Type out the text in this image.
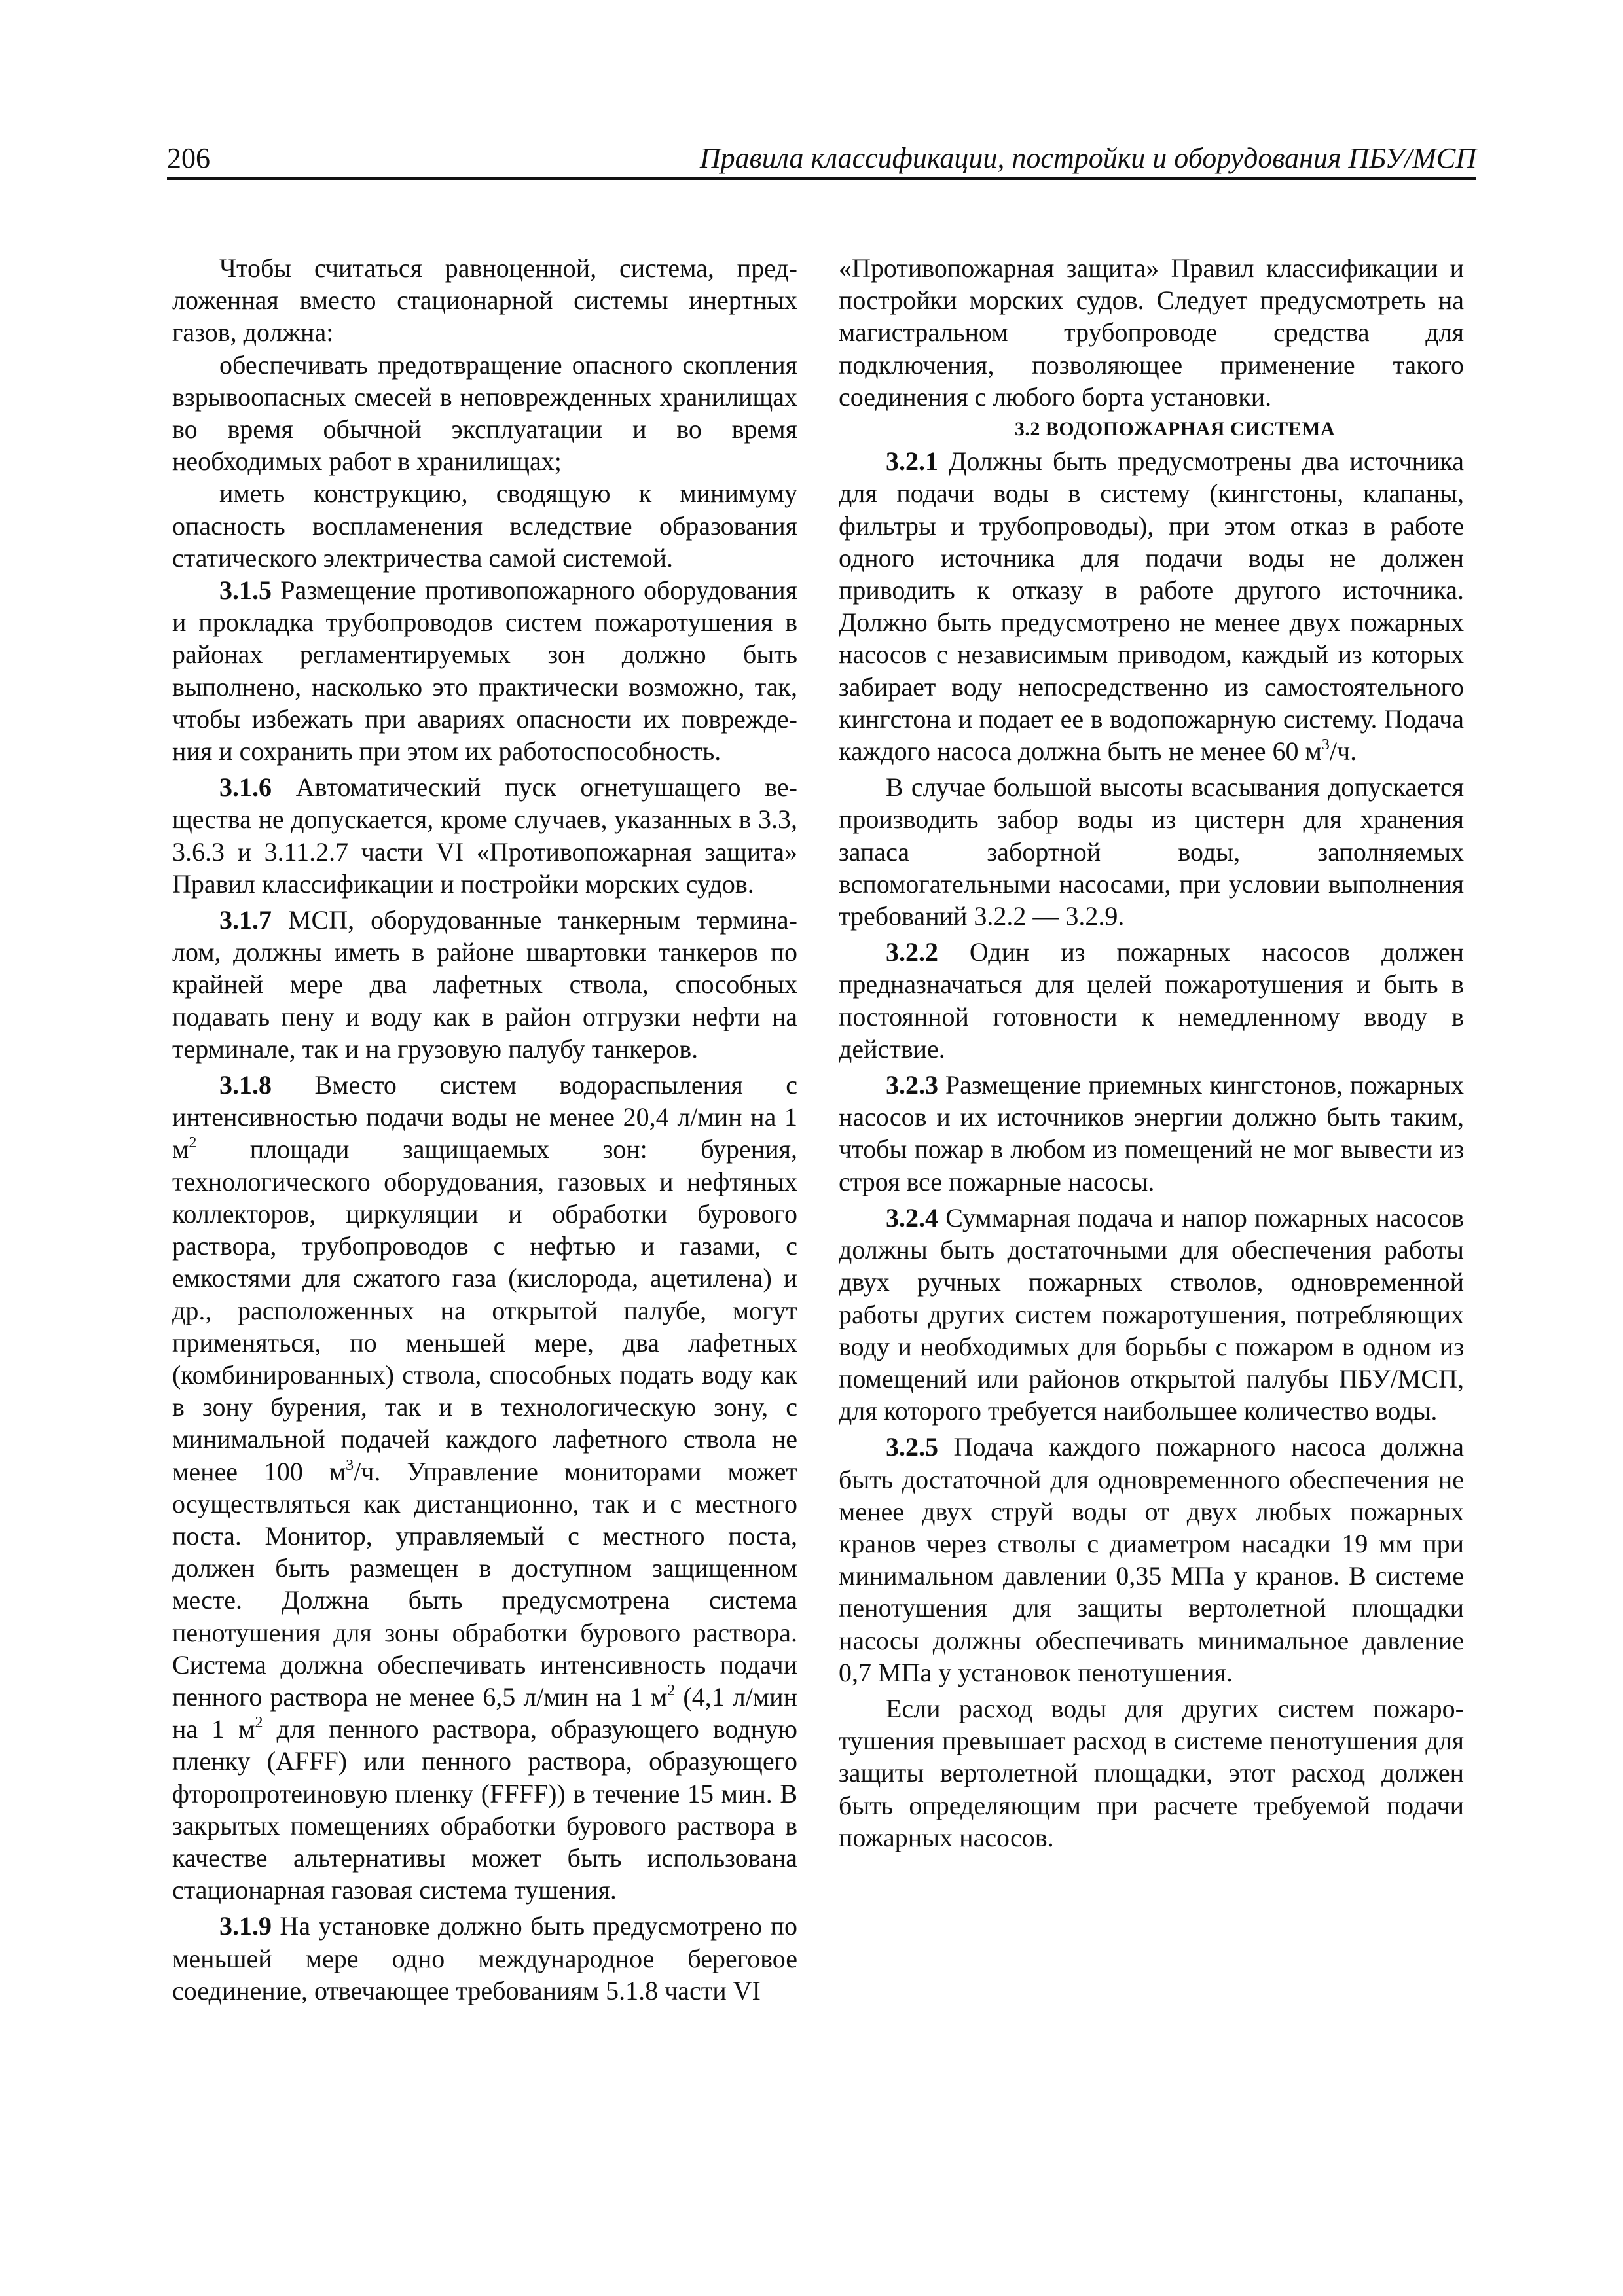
206	Правила классификации, постройки и оборудования ПБУ/МСП

Чтобы считаться равноценной, система, предложенная вместо стационарной системы инертных газов, должна:

обеспечивать предотвращение опасного скопления взрывоопасных смесей в неповрежденных хранилищах во время обычной эксплуатации и во время необходимых работ в хранилищах;

иметь конструкцию, сводящую к минимуму опасность воспламенения вследствие образования статического электричества самой системой.

3.1.5 Размещение противопожарного оборудования и прокладка трубопроводов систем пожаротушения в районах регламентируемых зон должно быть выполнено, насколько это практически возможно, так, чтобы избежать при авариях опасности их повреждения и сохранить при этом их работоспособность.

3.1.6 Автоматический пуск огнетушащего вещества не допускается, кроме случаев, указанных в 3.3, 3.6.3 и 3.11.2.7 части VI «Противопожарная защита» Правил классификации и постройки морских судов.

3.1.7 МСП, оборудованные танкерным терминалом, должны иметь в районе швартовки танкеров по крайней мере два лафетных ствола, способных подавать пену и воду как в район отгрузки нефти на терминале, так и на грузовую палубу танкеров.

3.1.8 Вместо систем водораспыления с интенсивностью подачи воды не менее 20,4 л/мин на 1 $м^2$ площади защищаемых зон: бурения, технологического оборудования, газовых и нефтяных коллекторов, циркуляции и обработки бурового раствора, трубопроводов с нефтью и газами, с емкостями для сжатого газа (кислорода, ацетилена) и др., расположенных на открытой палубе, могут применяться, по меньшей мере, два лафетных (комбинированных) ствола, способных подать воду как в зону бурения, так и в технологическую зону, с минимальной подачей каждого лафетного ствола не менее 100 $м^3/ч$. Управление мониторами может осуществляться как дистанционно, так и с местного поста. Монитор, управляемый с местного поста, должен быть размещен в доступном защищенном месте. Должна быть предусмотрена система пенотушения для зоны обработки бурового раствора. Система должна обеспечивать интенсивность подачи пенного раствора не менее 6,5 л/мин на 1 $м^2$ (4,1 л/мин на 1 $м^2$ для пенного раствора, образующего водную пленку (AFFF) или пенного раствора, образующего фторопротеиновую пленку (FFFF)) в течение 15 мин. В закрытых помещениях обработки бурового раствора в качестве альтернативы может быть использована стационарная газовая система тушения.

3.1.9 На установке должно быть предусмотрено по меньшей мере одно международное береговое соединение, отвечающее требованиям 5.1.8 части VI

«Противопожарная защита» Правил классификации и постройки морских судов. Следует предусмотреть на магистральном трубопроводе средства для подключения, позволяющее применение такого соединения с любого борта установки.

3.2 ВОДОПОЖАРНАЯ СИСТЕМА

3.2.1 Должны быть предусмотрены два источника для подачи воды в систему (кингстоны, клапаны, фильтры и трубопроводы), при этом отказ в работе одного источника для подачи воды не должен приводить к отказу в работе другого источника. Должно быть предусмотрено не менее двух пожарных насосов с независимым приводом, каждый из которых забирает воду непосредственно из самостоятельного кингстона и подает ее в водопожарную систему. Подача каждого насоса должна быть не менее 60 $м^3/ч$.

В случае большой высоты всасывания допускается производить забор воды из цистерн для хранения запаса забортной воды, заполняемых вспомогательными насосами, при условии выполнения требований 3.2.2 — 3.2.9.

3.2.2 Один из пожарных насосов должен предназначаться для целей пожаротушения и быть в постоянной готовности к немедленному вводу в действие.

3.2.3 Размещение приемных кингстонов, пожарных насосов и их источников энергии должно быть таким, чтобы пожар в любом из помещений не мог вывести из строя все пожарные насосы.

3.2.4 Суммарная подача и напор пожарных насосов должны быть достаточными для обеспечения работы двух ручных пожарных стволов, одновременной работы других систем пожаротушения, потребляющих воду и необходимых для борьбы с пожаром в одном из помещений или районов открытой палубы ПБУ/МСП, для которого требуется наибольшее количество воды.

3.2.5 Подача каждого пожарного насоса должна быть достаточной для одновременного обеспечения не менее двух струй воды от двух любых пожарных кранов через стволы с диаметром насадки 19 мм при минимальном давлении 0,35 МПа у кранов. В системе пенотушения для защиты вертолетной площадки насосы должны обеспечивать минимальное давление 0,7 МПа у установок пенотушения.

Если расход воды для других систем пожаротушения превышает расход в системе пенотушения для защиты вертолетной площадки, этот расход должен быть определяющим при расчете требуемой подачи пожарных насосов.
